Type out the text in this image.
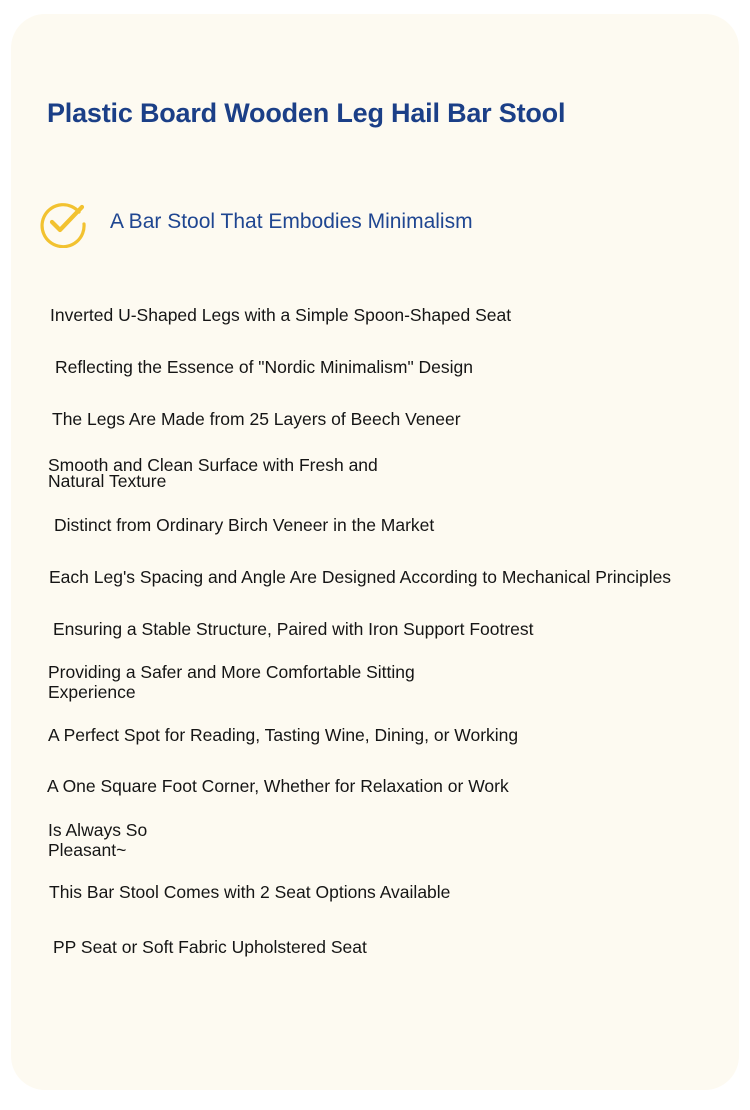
Plastic Board Wooden Leg Hail Bar Stool
A Bar Stool That Embodies Minimalism
Inverted U-Shaped Legs with a Simple Spoon-Shaped Seat
Reflecting the Essence of "Nordic Minimalism" Design
The Legs Are Made from 25 Layers of Beech Veneer
Smooth and Clean Surface with Fresh and
Natural Texture
Distinct from Ordinary Birch Veneer in the Market
Each Leg's Spacing and Angle Are Designed According to Mechanical Principles
Ensuring a Stable Structure, Paired with Iron Support Footrest
Providing a Safer and More Comfortable Sitting
Experience
A Perfect Spot for Reading, Tasting Wine, Dining, or Working
A One Square Foot Corner, Whether for Relaxation or Work
Is Always So
Pleasant~
This Bar Stool Comes with 2 Seat Options Available
PP Seat or Soft Fabric Upholstered Seat
